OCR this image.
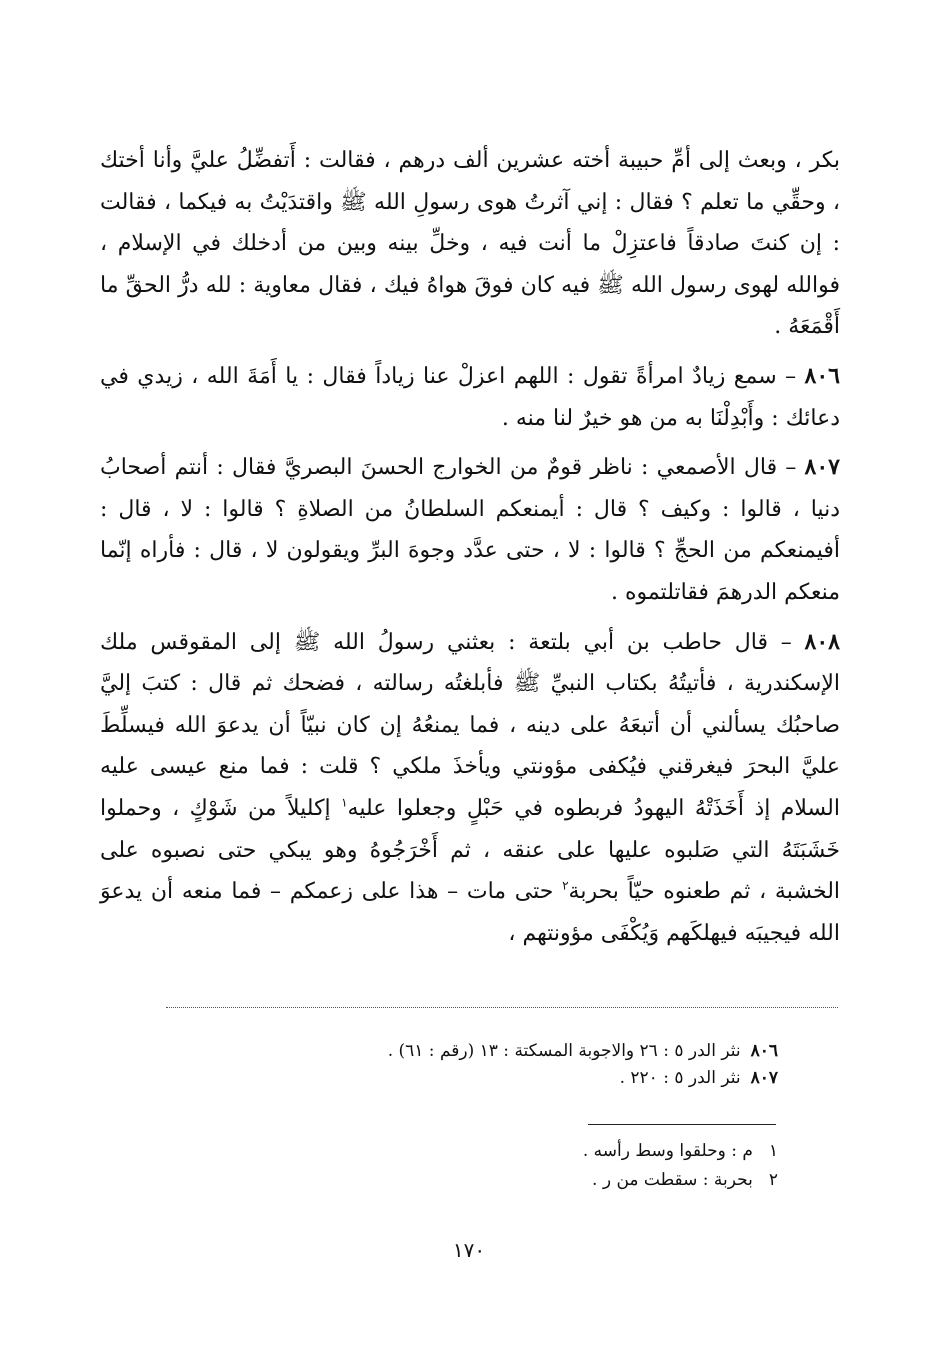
بكر ، وبعث إلى أمِّ حبيبة أخته عشرين ألف درهم ، فقالت : أَتفضِّلُ عليَّ وأنا أختك ، وحقِّي ما تعلم ؟ فقال : إني آثرتُ هوى رسولِ الله ﷺ واقتدَيْتُ به فيكما ، فقالت : إن كنتَ صادقاً فاعتزِلْ ما أنت فيه ، وخلِّ بينه وبين من أدخلك في الإسلام ، فوالله لهوى رسول الله ﷺ فيه كان فوقَ هواهُ فيك ، فقال معاوية : لله درُّ الحقِّ ما أَقْمَعَهُ .

٨٠٦ – سمع زيادٌ امرأةً تقول : اللهم اعزلْ عنا زياداً فقال : يا أَمَةَ الله ، زيدي في دعائك : وأَبْدِلْنَا به من هو خيرٌ لنا منه .

٨٠٧ – قال الأصمعي : ناظر قومٌ من الخوارج الحسنَ البصريَّ فقال : أنتم أصحابُ دنيا ، قالوا : وكيف ؟ قال : أيمنعكم السلطانُ من الصلاةِ ؟ قالوا : لا ، قال : أفيمنعكم من الحجِّ ؟ قالوا : لا ، حتى عدَّد وجوهَ البرِّ ويقولون لا ، قال : فأراه إنّما منعكم الدرهمَ فقاتلتموه .

٨٠٨ – قال حاطب بن أبي بلتعة : بعثني رسولُ الله ﷺ إلى المقوقس ملك الإسكندرية ، فأتيتُهُ بكتاب النبيِّ ﷺ فأبلغتُه رسالته ، فضحك ثم قال : كتبَ إليَّ صاحبُك يسألني أن أتبعَهُ على دينه ، فما يمنعُهُ إن كان نبيّاً أن يدعوَ الله فيسلِّطَ عليَّ البحرَ فيغرقني فيُكفى مؤونتي ويأخذَ ملكي ؟ قلت : فما منع عيسى عليه السلام إذ أَخَذَتْهُ اليهودُ فربطوه في حَبْلٍ وجعلوا عليه$^١$ إكليلاً من شَوْكٍ ، وحملوا خَشَبَتَهُ التي صَلبوه عليها على عنقه ، ثم أَخْرَجُوهُ وهو يبكي حتى نصبوه على الخشبة ، ثم طعنوه حيّاً بحربة$^٢$ حتى مات – هذا على زعمكم – فما منعه أن يدعوَ الله فيجيبَه فيهلكَهم وَيُكْفَى مؤونتهم ،

٨٠٦نثر الدر ٥ : ٢٦ والاجوبة المسكتة : ١٣ (رقم : ٦١) .
٨٠٧نثر الدر ٥ : ٢٢٠ .
١م : وحلقوا وسط رأسه .
٢بحربة : سقطت من ر .
١٧٠
